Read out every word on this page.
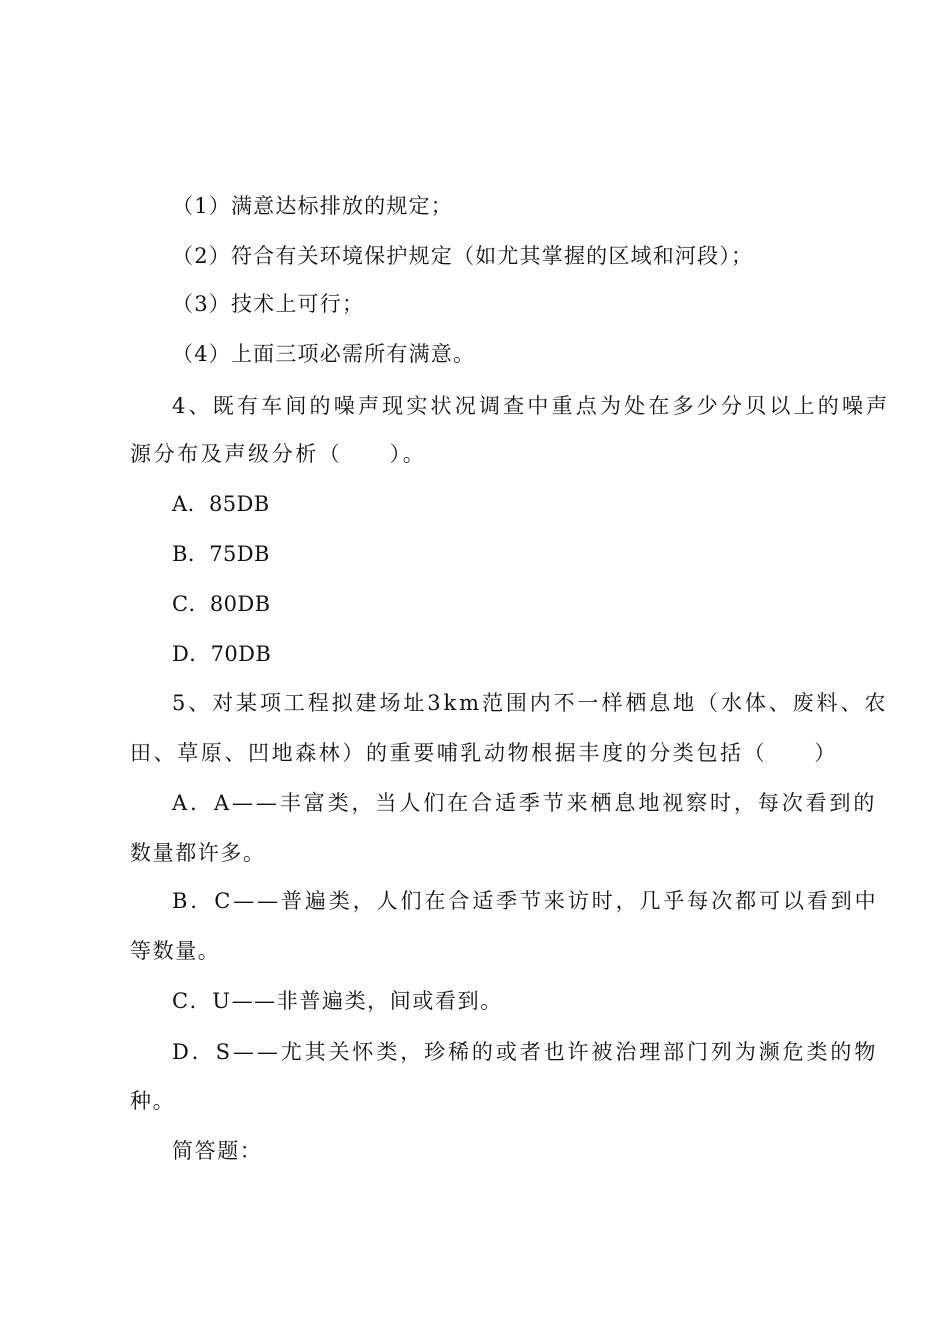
（1）满意达标排放的规定；
（2）符合有关环境保护规定（如尤其掌握的区域和河段）；
（3）技术上可行；
（4）上面三项必需所有满意。
4、既有车间的噪声现实状况调查中重点为处在多少分贝以上的噪声
源分布及声级分析（　　）。
A．85DB
B．75DB
C．80DB
D．70DB
5、对某项工程拟建场址3km范围内不一样栖息地（水体、废料、农
田、草原、凹地森林）的重要哺乳动物根据丰度的分类包括（　　）
A．A——丰富类，当人们在合适季节来栖息地视察时，每次看到的
数量都许多。
B．C——普遍类，人们在合适季节来访时，几乎每次都可以看到中
等数量。
C．U——非普遍类，间或看到。
D．S——尤其关怀类，珍稀的或者也许被治理部门列为濒危类的物
种。
简答题：
